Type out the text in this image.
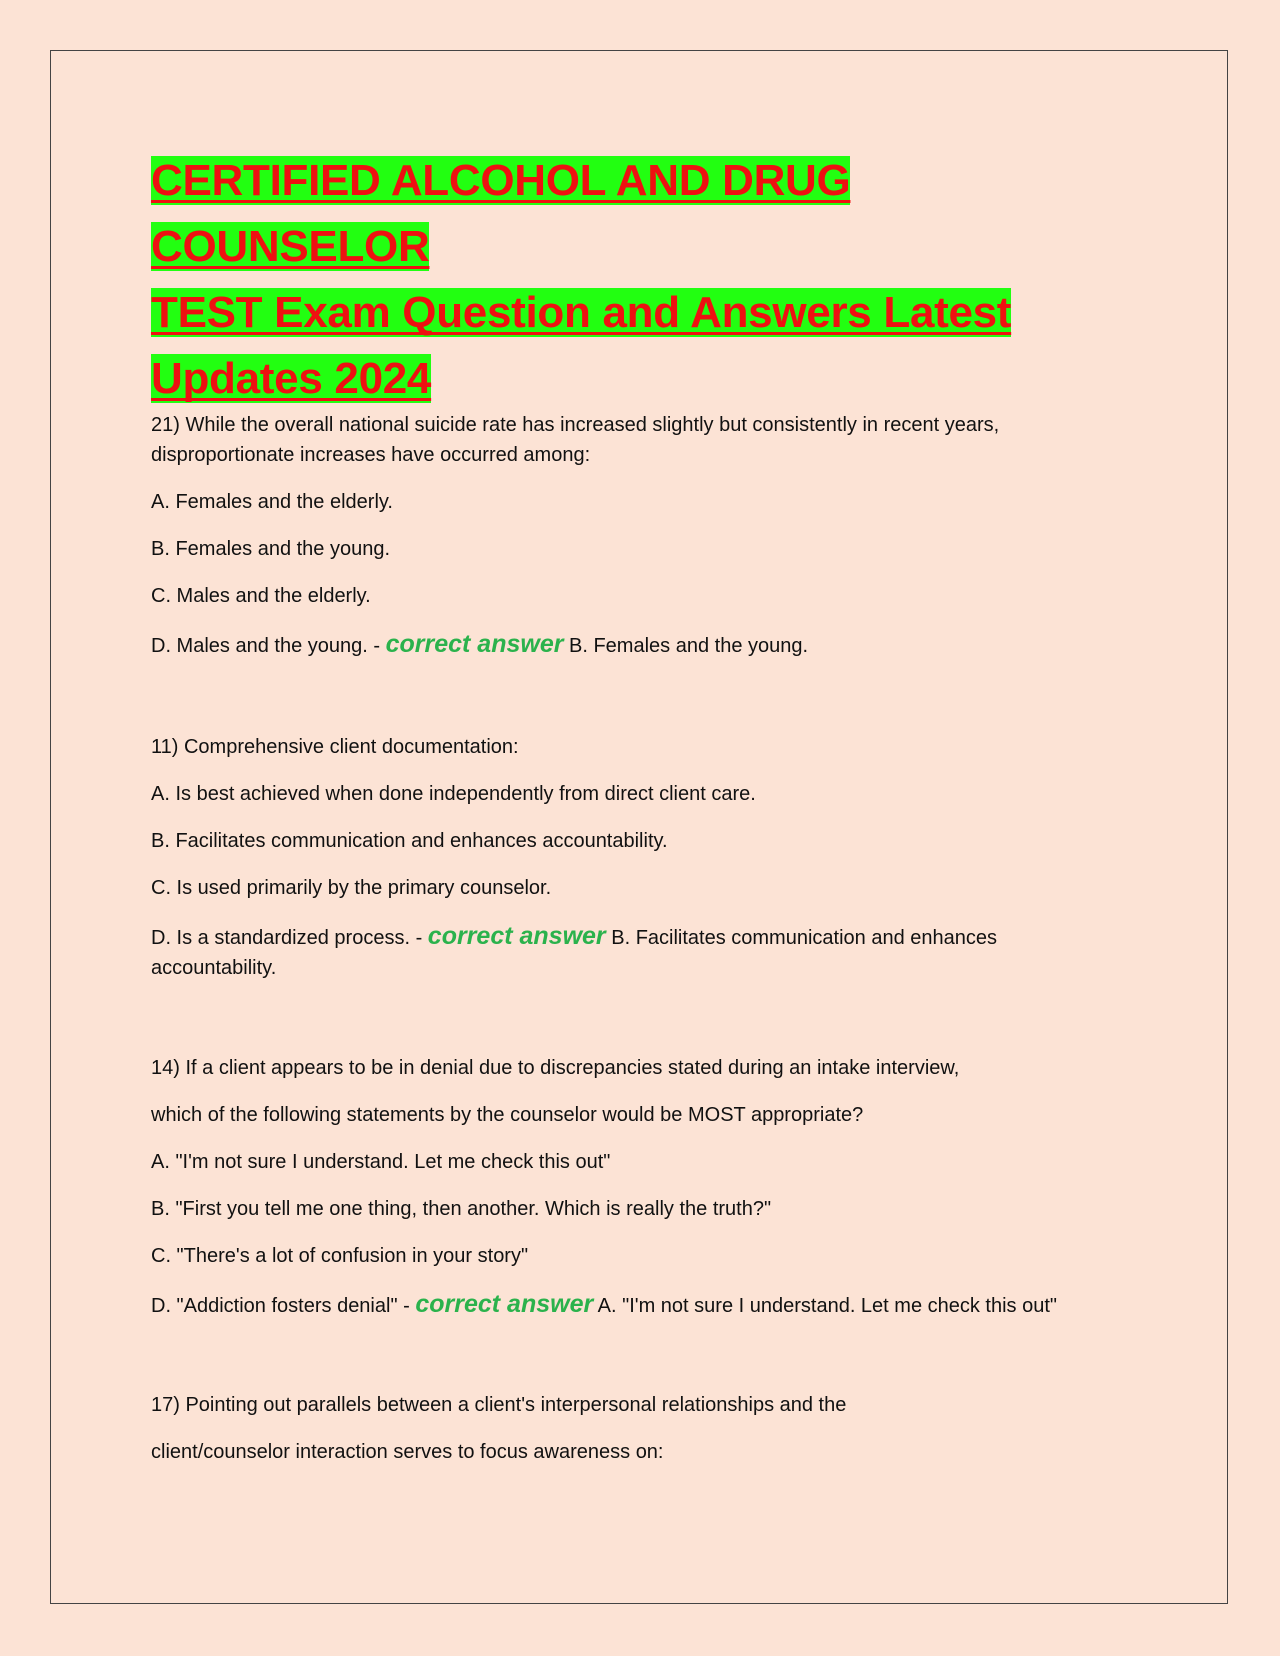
CERTIFIED ALCOHOL AND DRUG COUNSELOR
TEST Exam Question and Answers Latest
Updates 2024
21) While the overall national suicide rate has increased slightly but consistently in recent years,
disproportionate increases have occurred among:
A. Females and the elderly.
B. Females and the young.
C. Males and the elderly.
D. Males and the young. - correct answer B. Females and the young.
11) Comprehensive client documentation:
A. Is best achieved when done independently from direct client care.
B. Facilitates communication and enhances accountability.
C. Is used primarily by the primary counselor.
D. Is a standardized process. - correct answer B. Facilitates communication and enhances
accountability.
14) If a client appears to be in denial due to discrepancies stated during an intake interview,
which of the following statements by the counselor would be MOST appropriate?
A. "I'm not sure I understand. Let me check this out"
B. "First you tell me one thing, then another. Which is really the truth?"
C. "There's a lot of confusion in your story"
D. "Addiction fosters denial" - correct answer A. "I'm not sure I understand. Let me check this out"
17) Pointing out parallels between a client's interpersonal relationships and the
client/counselor interaction serves to focus awareness on:
